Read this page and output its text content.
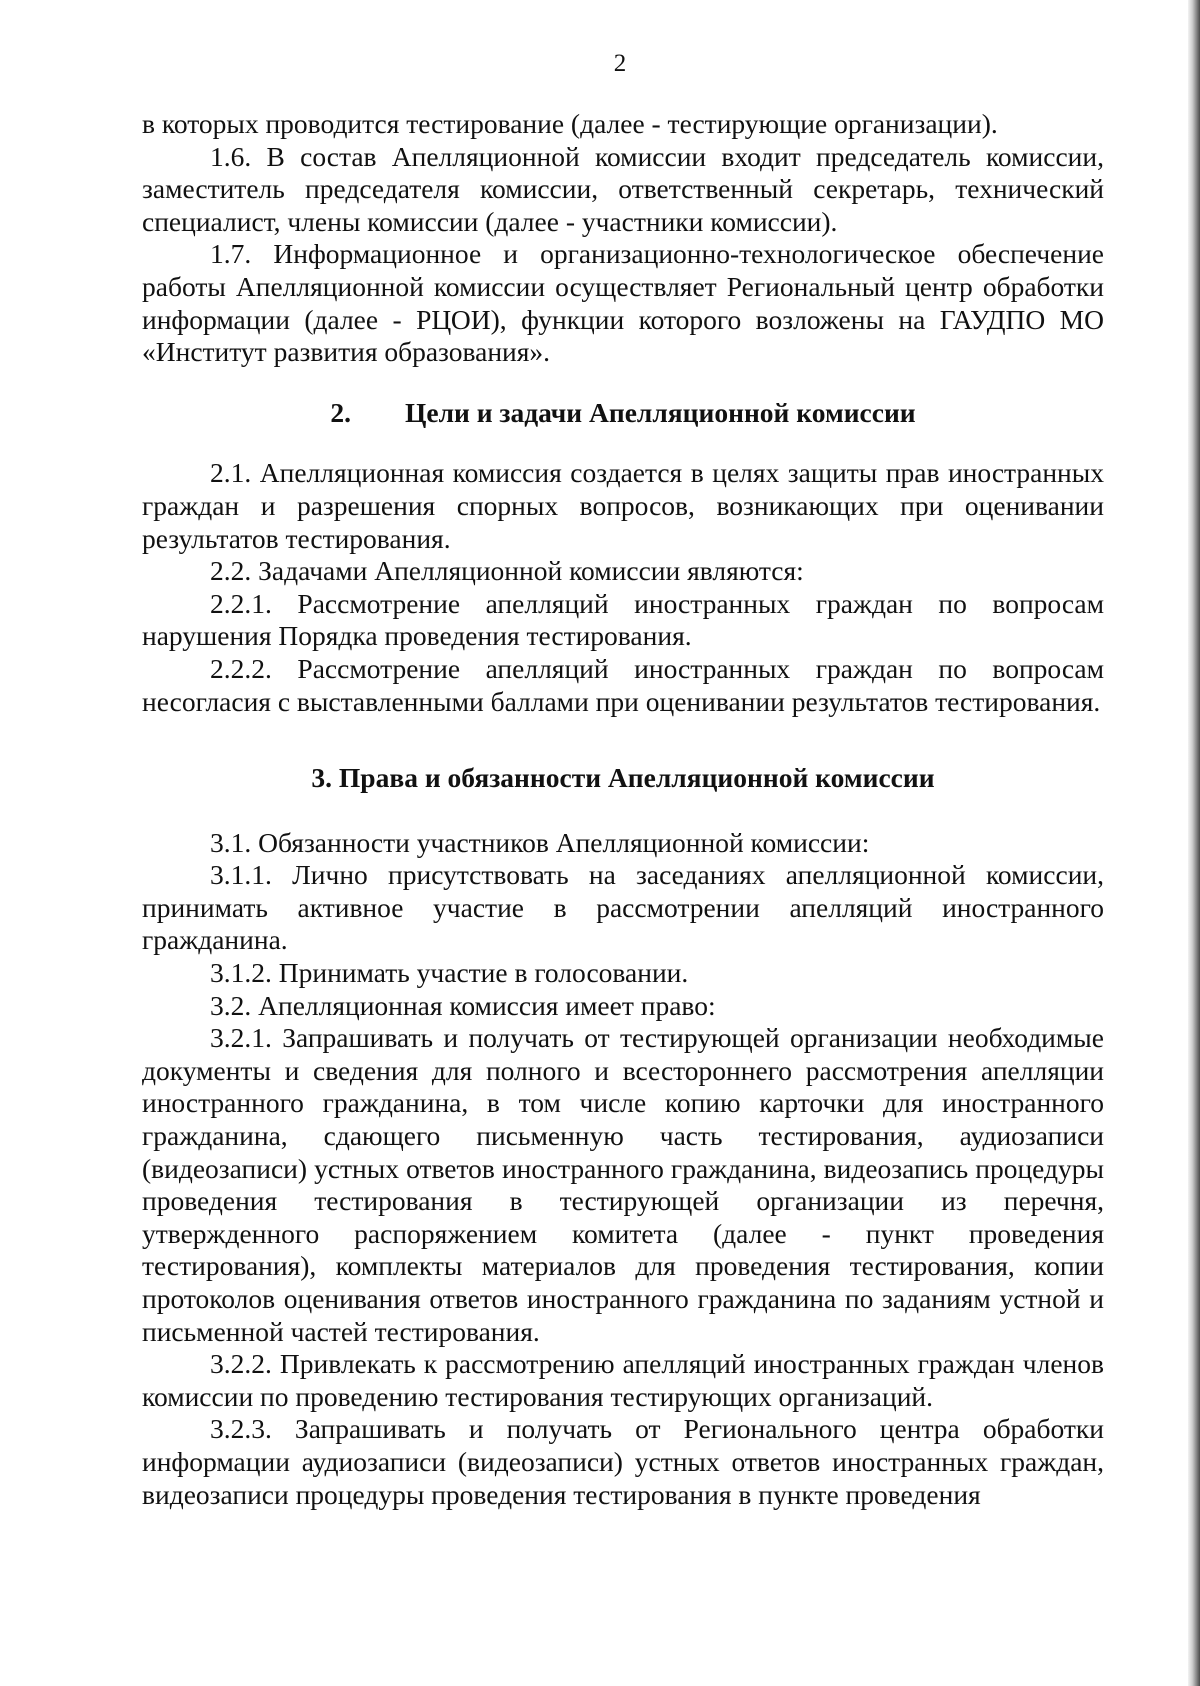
2

в которых проводится тестирование (далее - тестирующие организации).

1.6. В состав Апелляционной комиссии входит председатель комиссии, заместитель председателя комиссии, ответственный секретарь, технический специалист, члены комиссии (далее - участники комиссии).

1.7. Информационное и организационно-технологическое обеспечение работы Апелляционной комиссии осуществляет Региональный центр обработки информации (далее - РЦОИ), функции которого возложены на ГАУДПО МО «Институт развития образования».

2. Цели и задачи Апелляционной комиссии

2.1. Апелляционная комиссия создается в целях защиты прав иностранных граждан и разрешения спорных вопросов, возникающих при оценивании результатов тестирования.

2.2. Задачами Апелляционной комиссии являются:

2.2.1. Рассмотрение апелляций иностранных граждан по вопросам нарушения Порядка проведения тестирования.

2.2.2. Рассмотрение апелляций иностранных граждан по вопросам несогласия с выставленными баллами при оценивании результатов тестирования.

3. Права и обязанности Апелляционной комиссии

3.1. Обязанности участников Апелляционной комиссии:

3.1.1. Лично присутствовать на заседаниях апелляционной комиссии, принимать активное участие в рассмотрении апелляций иностранного гражданина.

3.1.2. Принимать участие в голосовании.

3.2. Апелляционная комиссия имеет право:

3.2.1. Запрашивать и получать от тестирующей организации необходимые документы и сведения для полного и всестороннего рассмотрения апелляции иностранного гражданина, в том числе копию карточки для иностранного гражданина, сдающего письменную часть тестирования, аудиозаписи (видеозаписи) устных ответов иностранного гражданина, видеозапись процедуры проведения тестирования в тестирующей организации из перечня, утвержденного распоряжением комитета (далее - пункт проведения тестирования), комплекты материалов для проведения тестирования, копии протоколов оценивания ответов иностранного гражданина по заданиям устной и письменной частей тестирования.

3.2.2. Привлекать к рассмотрению апелляций иностранных граждан членов комиссии по проведению тестирования тестирующих организаций.

3.2.3. Запрашивать и получать от Регионального центра обработки информации аудиозаписи (видеозаписи) устных ответов иностранных граждан, видеозаписи процедуры проведения тестирования в пункте проведения
